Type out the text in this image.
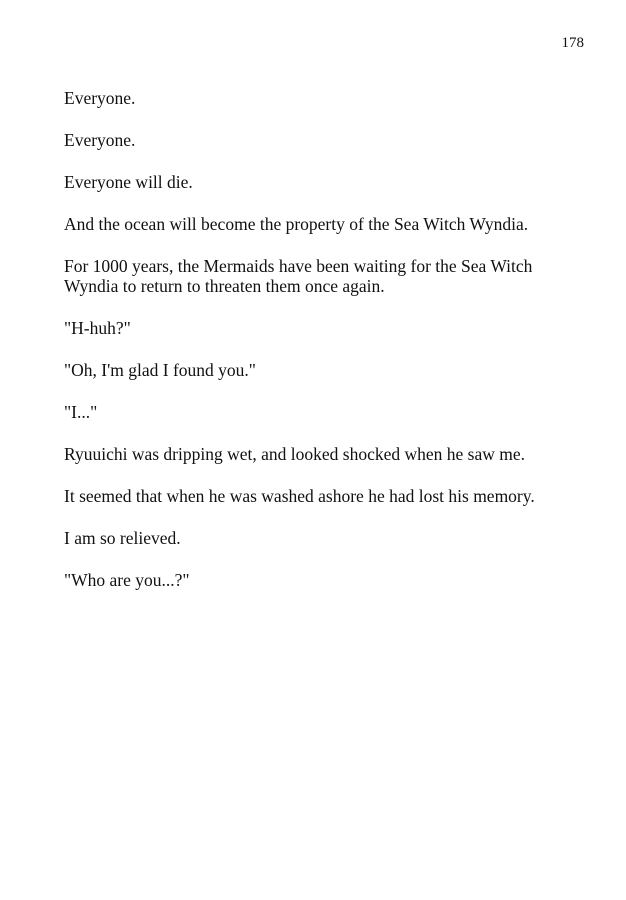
178

Everyone.

Everyone.

Everyone will die.

And the ocean will become the property of the Sea Witch Wyndia.

For 1000 years, the Mermaids have been waiting for the Sea Witch Wyndia to return to threaten them once again.

"H-huh?"

"Oh, I'm glad I found you."

"I..."

Ryuuichi was dripping wet, and looked shocked when he saw me.

It seemed that when he was washed ashore he had lost his memory.

I am so relieved.

"Who are you...?"
